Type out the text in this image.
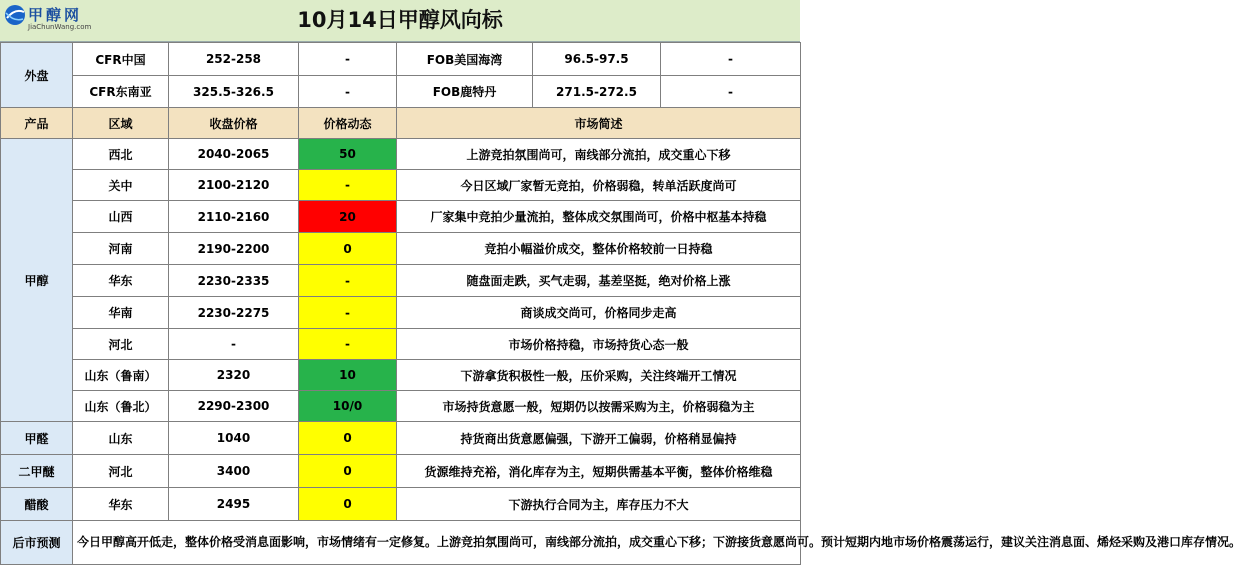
甲醇网
JiaChunWang.com	10月14日甲醇风向标
外盘	CFR中国	252-258	-	FOB美国海湾	96.5-97.5	-
	CFR东南亚	325.5-326.5	-	FOB鹿特丹	271.5-272.5	-
产品	区域	收盘价格	价格动态	市场简述		
甲醇	西北	2040-2065	50	上游竞拍氛围尚可，南线部分流拍，成交重心下移		
	关中	2100-2120	-	今日区域厂家暂无竞拍，价格弱稳，转单活跃度尚可		
	山西	2110-2160	20	厂家集中竞拍少量流拍，整体成交氛围尚可，价格中枢基本持稳		
	河南	2190-2200	0	竞拍小幅溢价成交，整体价格较前一日持稳		
	华东	2230-2335	-	随盘面走跌，买气走弱，基差坚挺，绝对价格上涨		
	华南	2230-2275	-	商谈成交尚可，价格同步走高		
	河北	-	-	市场价格持稳，市场持货心态一般		
	山东（鲁南）	2320	10	下游拿货积极性一般，压价采购，关注终端开工情况		
	山东（鲁北）	2290-2300	10/0	市场持货意愿一般，短期仍以按需采购为主，价格弱稳为主		
甲醛	山东	1040	0	持货商出货意愿偏强，下游开工偏弱，价格稍显偏持		
二甲醚	河北	3400	0	货源维持充裕，消化库存为主，短期供需基本平衡，整体价格维稳		
醋酸	华东	2495	0	下游执行合同为主，库存压力不大		
后市预测	今日甲醇高开低走，整体价格受消息面影响，市场情绪有一定修复。上游竞拍氛围尚可，南线部分流拍，成交重心下移；下游接货意愿尚可。预计短期内地市场价格震荡运行，建议关注消息面、烯烃采购及港口库存情况。					
